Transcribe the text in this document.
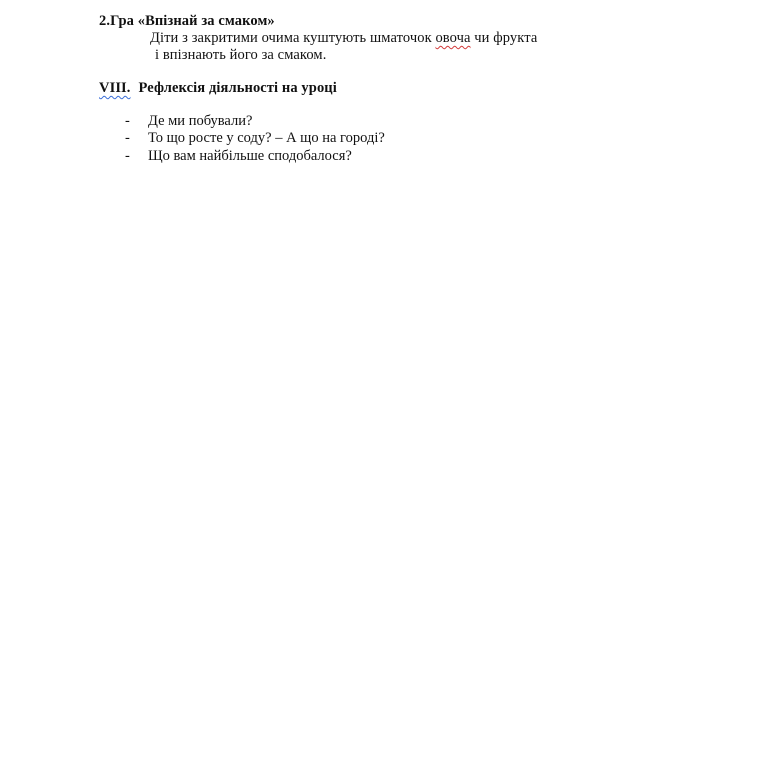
2.Гра «Впізнай за смаком»
Діти з закритими очима куштують шматочок овоча чи фрукта
і впізнають його за смаком.
VIII. Рефлексія діяльності на уроці
- Де ми побували?
- То що росте у соду? – А що на городі?
- Що вам найбільше сподобалося?
